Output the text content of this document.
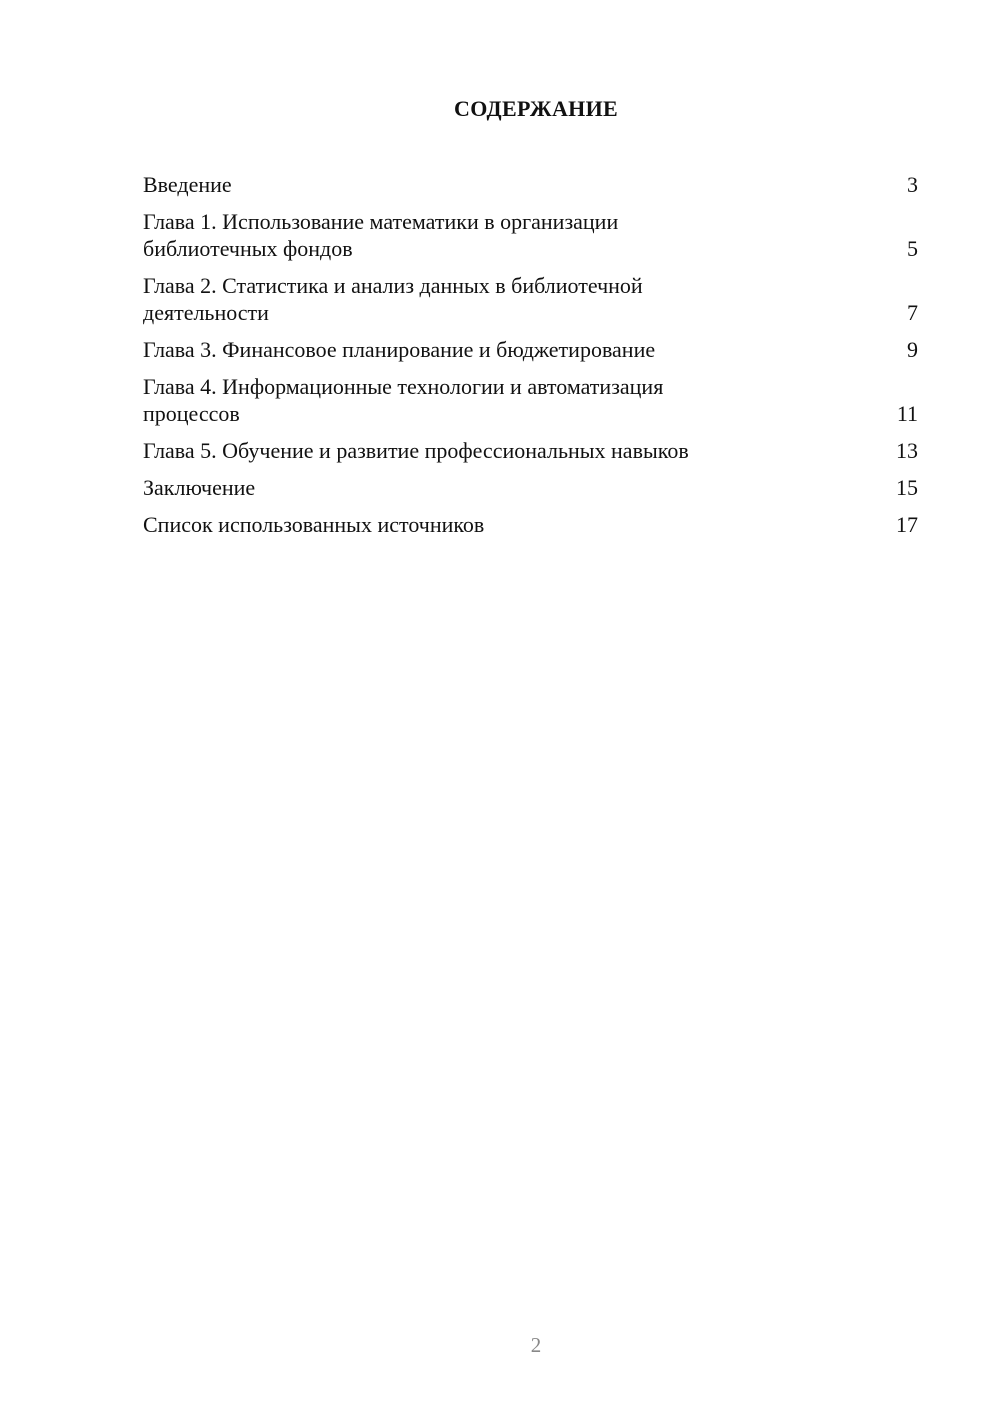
СОДЕРЖАНИЕ
Введение	3
Глава 1. Использование математики в организации
библиотечных фондов	5
Глава 2. Статистика и анализ данных в библиотечной
деятельности	7
Глава 3. Финансовое планирование и бюджетирование	9
Глава 4. Информационные технологии и автоматизация
процессов	11
Глава 5. Обучение и развитие профессиональных навыков	13
Заключение	15
Список использованных источников	17
2
